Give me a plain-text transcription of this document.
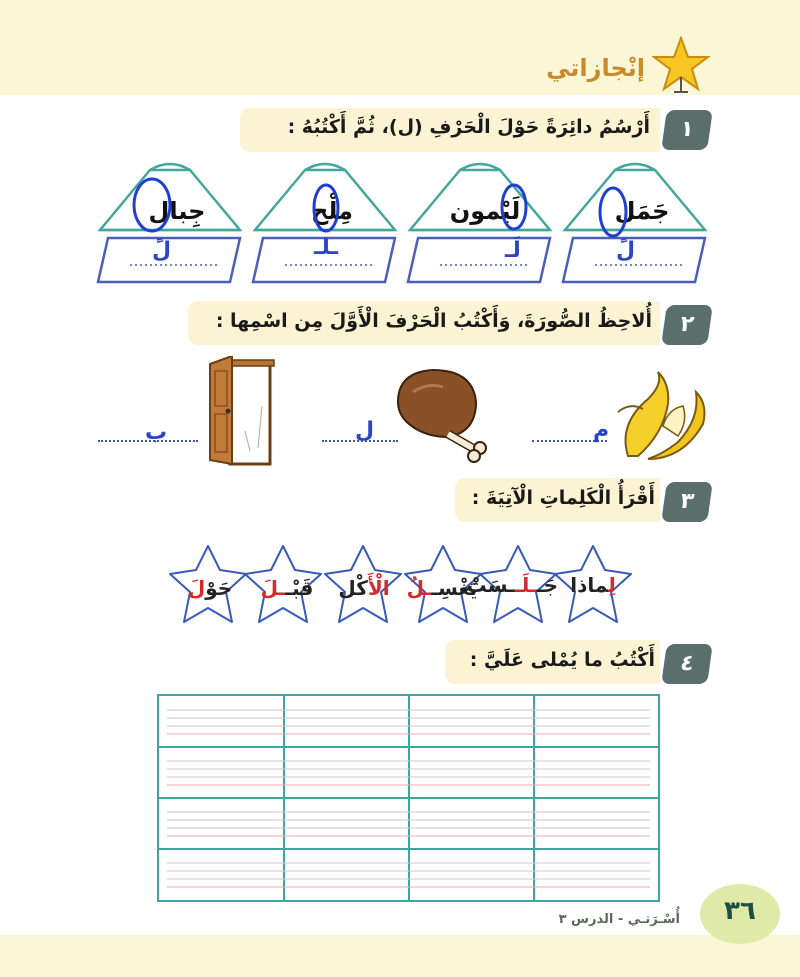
إنْجازاتي
أَرْسُمُ دائِرَةً حَوْلَ الْحَرْفِ (ل)، ثُمَّ أَكْتُبُهُ :	١
جَمَل
لَيْمون
مِلْح
جِبال
لً
لَـ
ـلـ
لً
أُلاحِظُ الصُّورَةَ، وَأَكْتُبُ الْحَرْفَ الْأَوَّلَ مِن اسْمِها :	٢
م
ل
ب
أَقْرَأُ الْكَلِماتِ الْآتِيَةَ :	٣
لِماذا
جَــلَــسَتْ
يَغْسِــلُ
الْأَكْل
قَبْــلَ
حَوْلَ
أَكْتُبُ ما يُمْلى عَلَيَّ :	٤
٣٦
أُسْـرَتـي - الدرس ٣
